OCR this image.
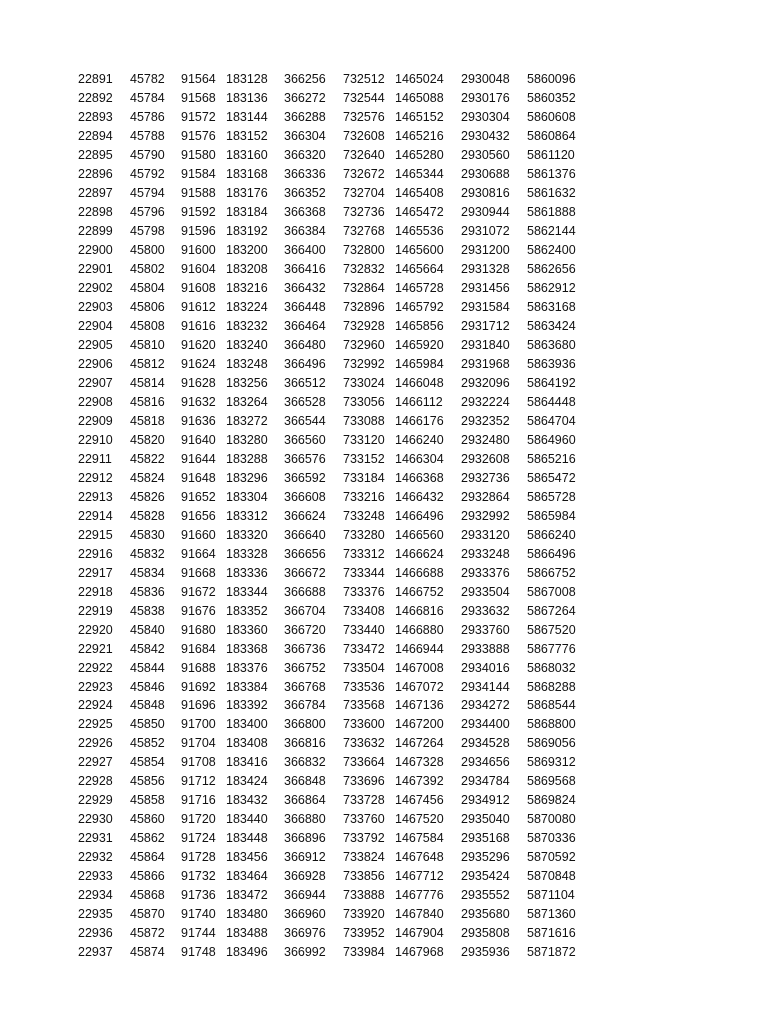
22891	45782	91564	183128	366256	732512	1465024	2930048	5860096
22892	45784	91568	183136	366272	732544	1465088	2930176	5860352
22893	45786	91572	183144	366288	732576	1465152	2930304	5860608
22894	45788	91576	183152	366304	732608	1465216	2930432	5860864
22895	45790	91580	183160	366320	732640	1465280	2930560	5861120
22896	45792	91584	183168	366336	732672	1465344	2930688	5861376
22897	45794	91588	183176	366352	732704	1465408	2930816	5861632
22898	45796	91592	183184	366368	732736	1465472	2930944	5861888
22899	45798	91596	183192	366384	732768	1465536	2931072	5862144
22900	45800	91600	183200	366400	732800	1465600	2931200	5862400
22901	45802	91604	183208	366416	732832	1465664	2931328	5862656
22902	45804	91608	183216	366432	732864	1465728	2931456	5862912
22903	45806	91612	183224	366448	732896	1465792	2931584	5863168
22904	45808	91616	183232	366464	732928	1465856	2931712	5863424
22905	45810	91620	183240	366480	732960	1465920	2931840	5863680
22906	45812	91624	183248	366496	732992	1465984	2931968	5863936
22907	45814	91628	183256	366512	733024	1466048	2932096	5864192
22908	45816	91632	183264	366528	733056	1466112	2932224	5864448
22909	45818	91636	183272	366544	733088	1466176	2932352	5864704
22910	45820	91640	183280	366560	733120	1466240	2932480	5864960
22911	45822	91644	183288	366576	733152	1466304	2932608	5865216
22912	45824	91648	183296	366592	733184	1466368	2932736	5865472
22913	45826	91652	183304	366608	733216	1466432	2932864	5865728
22914	45828	91656	183312	366624	733248	1466496	2932992	5865984
22915	45830	91660	183320	366640	733280	1466560	2933120	5866240
22916	45832	91664	183328	366656	733312	1466624	2933248	5866496
22917	45834	91668	183336	366672	733344	1466688	2933376	5866752
22918	45836	91672	183344	366688	733376	1466752	2933504	5867008
22919	45838	91676	183352	366704	733408	1466816	2933632	5867264
22920	45840	91680	183360	366720	733440	1466880	2933760	5867520
22921	45842	91684	183368	366736	733472	1466944	2933888	5867776
22922	45844	91688	183376	366752	733504	1467008	2934016	5868032
22923	45846	91692	183384	366768	733536	1467072	2934144	5868288
22924	45848	91696	183392	366784	733568	1467136	2934272	5868544
22925	45850	91700	183400	366800	733600	1467200	2934400	5868800
22926	45852	91704	183408	366816	733632	1467264	2934528	5869056
22927	45854	91708	183416	366832	733664	1467328	2934656	5869312
22928	45856	91712	183424	366848	733696	1467392	2934784	5869568
22929	45858	91716	183432	366864	733728	1467456	2934912	5869824
22930	45860	91720	183440	366880	733760	1467520	2935040	5870080
22931	45862	91724	183448	366896	733792	1467584	2935168	5870336
22932	45864	91728	183456	366912	733824	1467648	2935296	5870592
22933	45866	91732	183464	366928	733856	1467712	2935424	5870848
22934	45868	91736	183472	366944	733888	1467776	2935552	5871104
22935	45870	91740	183480	366960	733920	1467840	2935680	5871360
22936	45872	91744	183488	366976	733952	1467904	2935808	5871616
22937	45874	91748	183496	366992	733984	1467968	2935936	5871872
